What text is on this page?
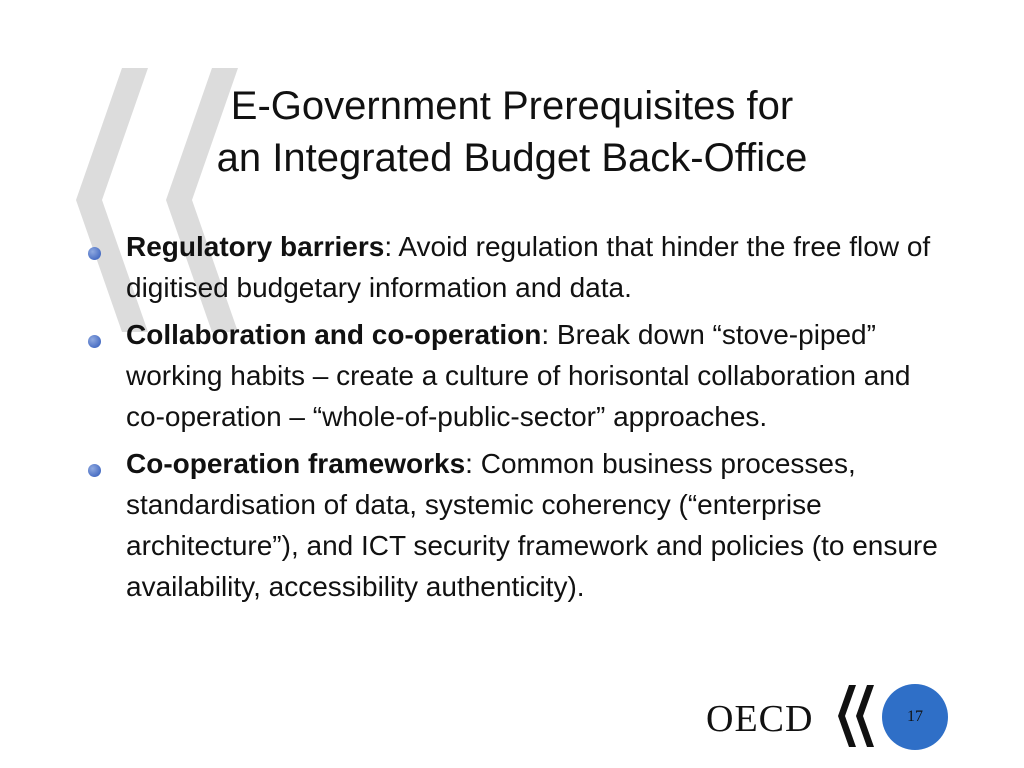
E-Government Prerequisites for
an Integrated Budget Back-Office
Regulatory barriers: Avoid regulation that hinder the free flow of digitised budgetary information and data.
Collaboration and co-operation: Break down “stove-piped” working habits – create a culture of horisontal collaboration and co-operation – “whole-of-public-sector” approaches.
Co-operation frameworks: Common business processes, standardisation of data, systemic coherency (“enterprise architecture”), and ICT security framework and policies (to ensure availability, accessibility authenticity).
OECD	17
